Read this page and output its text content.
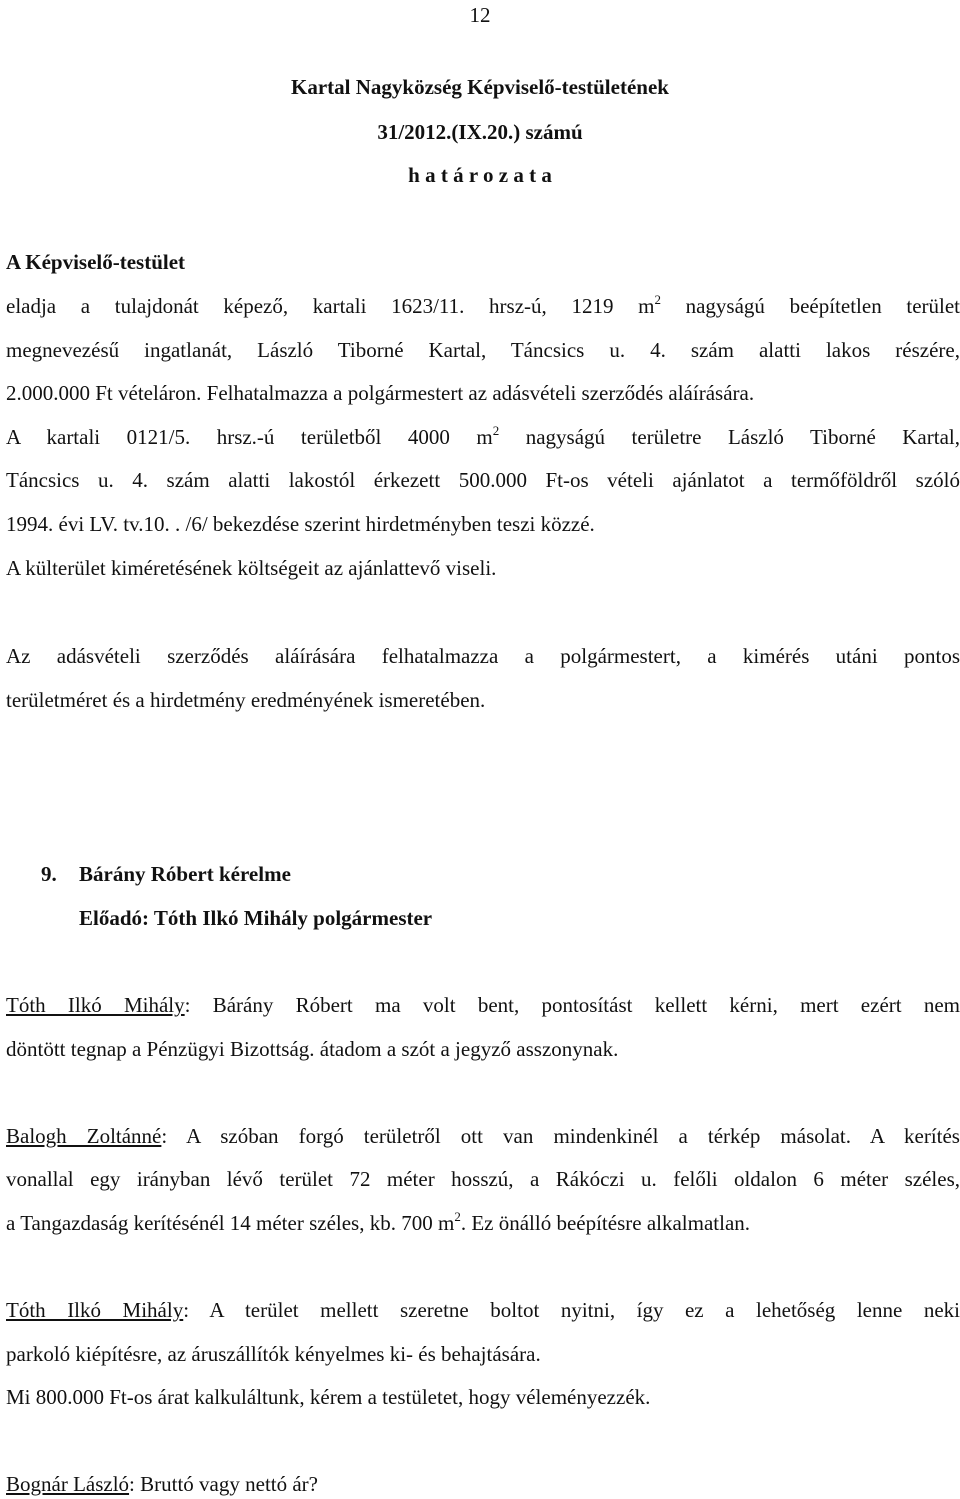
12
Kartal Nagyközség Képviselő-testületének
31/2012.(IX.20.) számú
h a t á r o z a t a
A Képviselő-testület
eladja a tulajdonát képező, kartali 1623/11. hrsz-ú, 1219 $m^2$ nagyságú beépítetlen terület
megnevezésű ingatlanát, László Tiborné Kartal, Táncsics u. 4. szám alatti lakos részére,
2.000.000 Ft vételáron. Felhatalmazza a polgármestert az adásvételi szerződés aláírására.
A kartali 0121/5. hrsz.-ú területből 4000 $m^2$ nagyságú területre László Tiborné Kartal,
Táncsics u. 4. szám alatti lakostól érkezett 500.000 Ft-os vételi ajánlatot a termőföldről szóló
1994. évi LV. tv.10. . /6/ bekezdése szerint hirdetményben teszi közzé.
A külterület kiméretésének költségeit az ajánlattevő viseli.
Az adásvételi szerződés aláírására felhatalmazza a polgármestert, a kimérés utáni pontos
területméret és a hirdetmény eredményének ismeretében.
9.	Bárány Róbert kérelme
Előadó: Tóth Ilkó Mihály polgármester
Tóth Ilkó Mihály: Bárány Róbert ma volt bent, pontosítást kellett kérni, mert ezért nem
döntött tegnap a Pénzügyi Bizottság. átadom a szót a jegyző asszonynak.
Balogh Zoltánné: A szóban forgó területről ott van mindenkinél a térkép másolat. A kerítés
vonallal egy irányban lévő terület 72 méter hosszú, a Rákóczi u. felőli oldalon 6 méter széles,
a Tangazdaság kerítésénél 14 méter széles, kb. 700 $m^2$. Ez önálló beépítésre alkalmatlan.
Tóth Ilkó Mihály: A terület mellett szeretne boltot nyitni, így ez a lehetőség lenne neki
parkoló kiépítésre, az áruszállítók kényelmes ki- és behajtására.
Mi 800.000 Ft-os árat kalkuláltunk, kérem a testületet, hogy véleményezzék.
Bognár László: Bruttó vagy nettó ár?
